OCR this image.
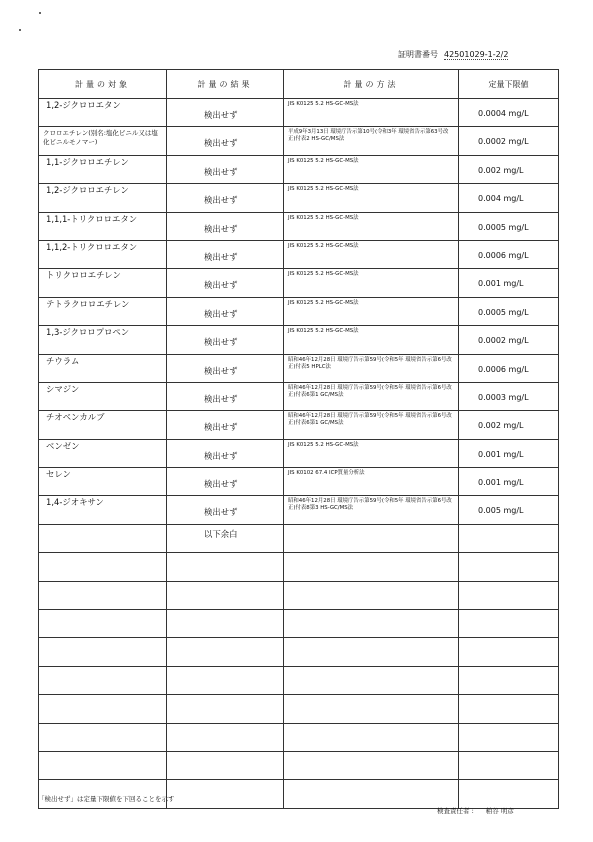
証明書番号 42501029-1-2/2
計量の対象	計量の結果	計量の方法	定量下限値
1,2-ジクロロエタン	検出せず	JIS K0125 5.2 HS-GC-MS法	0.0004 mg/L
クロロエチレン(別名:塩化ビニル又は塩化ビニルモノマー)	検出せず	平成9年3月13日 環境庁告示第10号(令和3年 環境省告示第63号改正)付表2 HS-GC/MS法	0.0002 mg/L
1,1-ジクロロエチレン	検出せず	JIS K0125 5.2 HS-GC-MS法	0.002 mg/L
1,2-ジクロロエチレン	検出せず	JIS K0125 5.2 HS-GC-MS法	0.004 mg/L
1,1,1-トリクロロエタン	検出せず	JIS K0125 5.2 HS-GC-MS法	0.0005 mg/L
1,1,2-トリクロロエタン	検出せず	JIS K0125 5.2 HS-GC-MS法	0.0006 mg/L
トリクロロエチレン	検出せず	JIS K0125 5.2 HS-GC-MS法	0.001 mg/L
テトラクロロエチレン	検出せず	JIS K0125 5.2 HS-GC-MS法	0.0005 mg/L
1,3-ジクロロプロペン	検出せず	JIS K0125 5.2 HS-GC-MS法	0.0002 mg/L
チウラム	検出せず	昭和46年12月28日 環境庁告示第59号(令和5年 環境省告示第6号改正)付表5 HPLC法	0.0006 mg/L
シマジン	検出せず	昭和46年12月28日 環境庁告示第59号(令和5年 環境省告示第6号改正)付表6第1 GC/MS法	0.0003 mg/L
チオベンカルブ	検出せず	昭和46年12月28日 環境庁告示第59号(令和5年 環境省告示第6号改正)付表6第1 GC/MS法	0.002 mg/L
ベンゼン	検出せず	JIS K0125 5.2 HS-GC-MS法	0.001 mg/L
セレン	検出せず	JIS K0102 67.4 ICP質量分析法	0.001 mg/L
1,4-ジオキサン	検出せず	昭和46年12月28日 環境庁告示第59号(令和5年 環境省告示第6号改正)付表8第3 HS-GC/MS法	0.005 mg/L
	以下余白		

「検出せず」は定量下限値を下回ることを示す
検査責任者 : 粕谷 明彦
